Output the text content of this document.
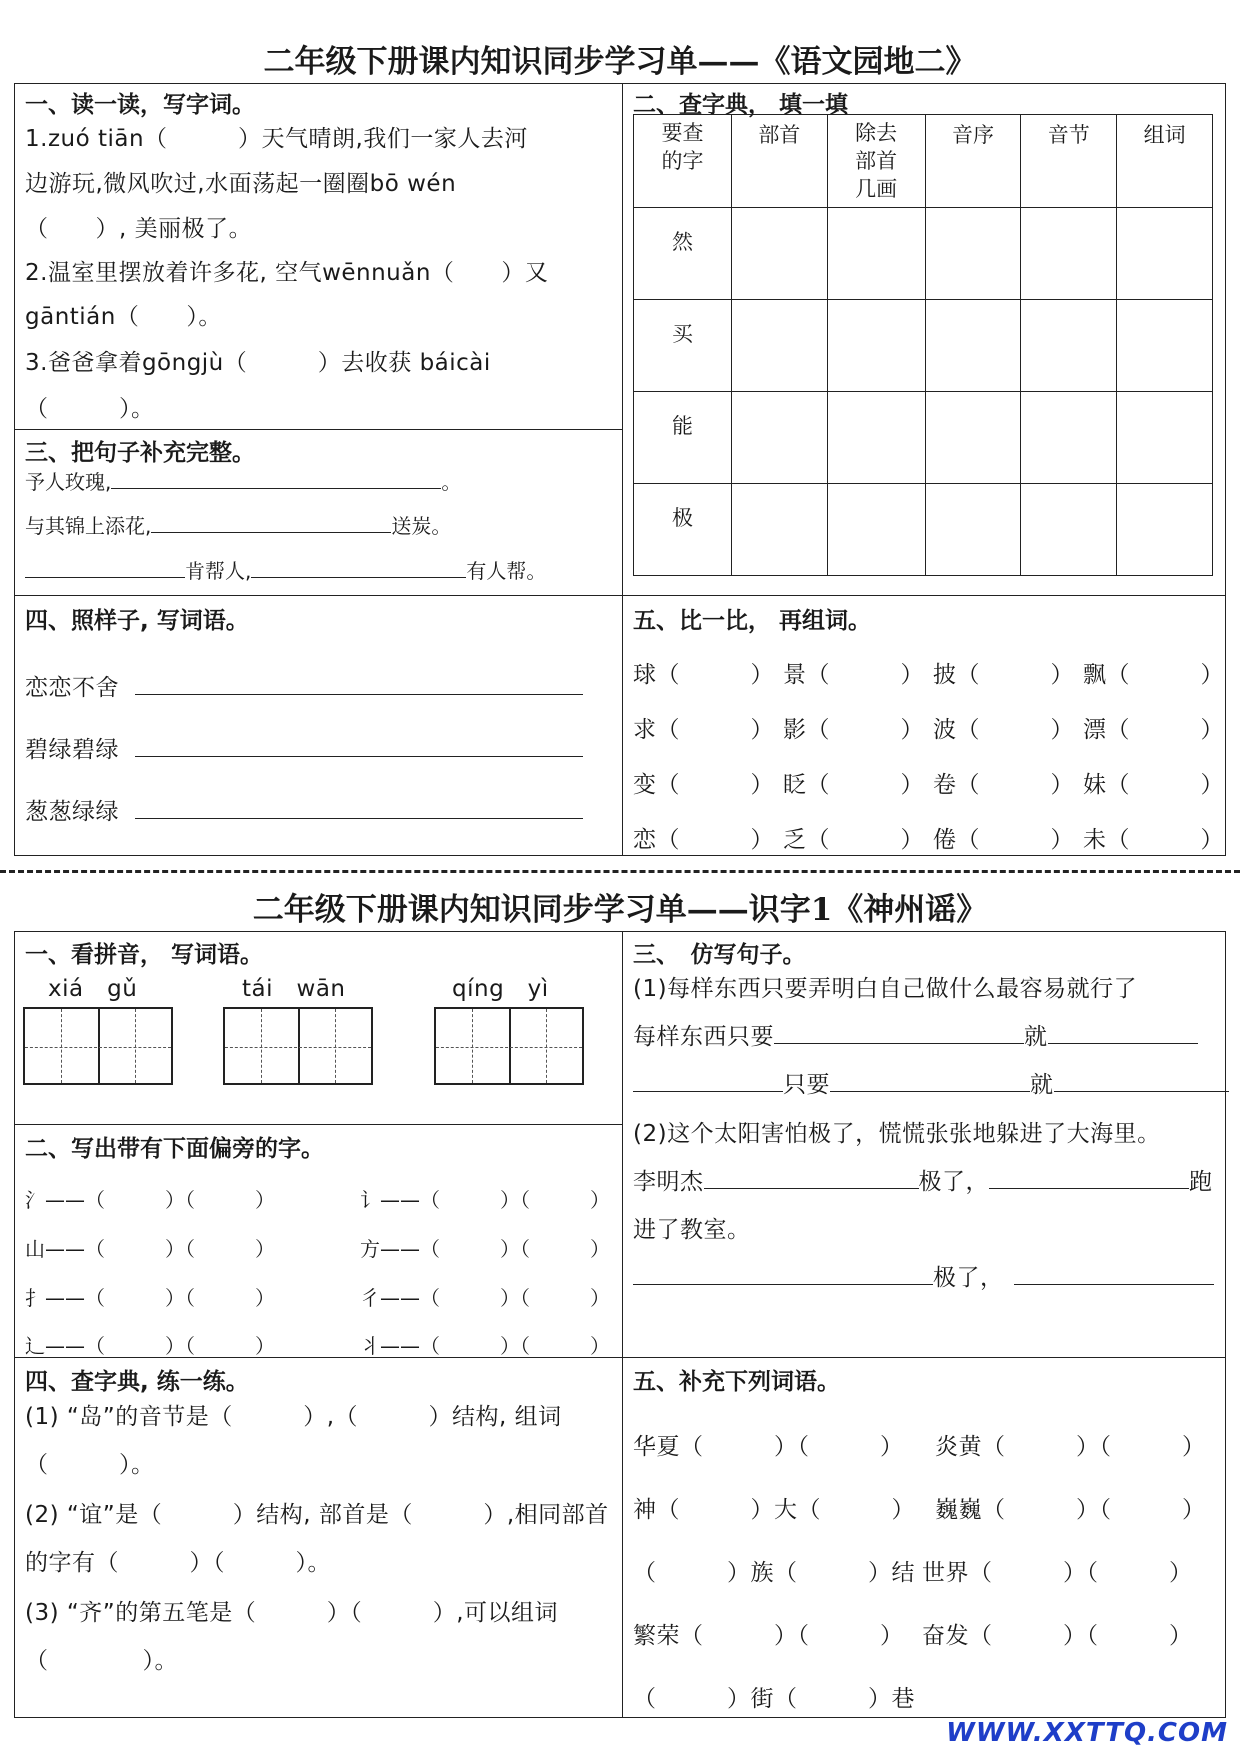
二年级下册课内知识同步学习单——《语文园地二》
一、读一读，写字词。
1.zuó tiān（　　　）天气晴朗,我们一家人去河
边游玩,微风吹过,水面荡起一圈圈bō wén
（　　）, 美丽极了。
2.温室里摆放着许多花, 空气wēnnuǎn（　　）又
gāntián（　　）。
3.爸爸拿着gōngjù（　　　）去收获 báicài
（　　　）。
二、查字典， 填一填
要查的字	部首	除去部首几画	音序	音节	组词
然					
买					
能					
极					
三、把句子补充完整。
予人玫瑰,	。
与其锦上添花,	送炭。
肯帮人,	有人帮。
四、照样子, 写词语。
恋恋不舍
碧绿碧绿
葱葱绿绿
五、比一比， 再组词。
球（　　　） 景（　　　） 披（　　　） 飘（　　　）
求（　　　） 影（　　　） 波（　　　） 漂（　　　）
变（　　　） 眨（　　　） 卷（　　　） 妹（　　　）
恋（　　　） 乏（　　　） 倦（　　　） 未（　　　）
二年级下册课内知识同步学习单——识字1《神州谣》
一、看拼音， 写词语。
xiá　gǔ	tái　wān	qíng　yì
二、写出带有下面偏旁的字。
氵——（　　　）（　　　）	讠——（　　　）（　　　）
山——（　　　）（　　　）	方——（　　　）（　　　）
扌——（　　　）（　　　）	彳——（　　　）（　　　）
辶——（　　　）（　　　）	丬——（　　　）（　　　）
三、　仿写句子。
(1)每样东西只要弄明白自己做什么最容易就行了
每样东西只要	就
只要	就
(2)这个太阳害怕极了，慌慌张张地躲进了大海里。
李明杰	极了，	跑
进了教室。
极了，
四、查字典, 练一练。
(1) “岛”的音节是（　　　）,（　　　）结构, 组词
（　　　）。
(2) “谊”是（　　　）结构, 部首是（　　　）,相同部首
的字有（　　　）（　　　）。
(3) “齐”的第五笔是（　　　）（　　　）,可以组词
（　　　　）。
五、补充下列词语。
华夏（　　　）（　　　） 炎黄（　　　）（　　　）
神（　　　）大（　　　） 巍巍（　　　）（　　　）
（　　　）族（　　　）结 世界（　　　）（　　　）
繁荣（　　　）（　　　） 奋发（　　　）（　　　）
（　　　）街（　　　）巷
WWW.XXTTQ.COM
